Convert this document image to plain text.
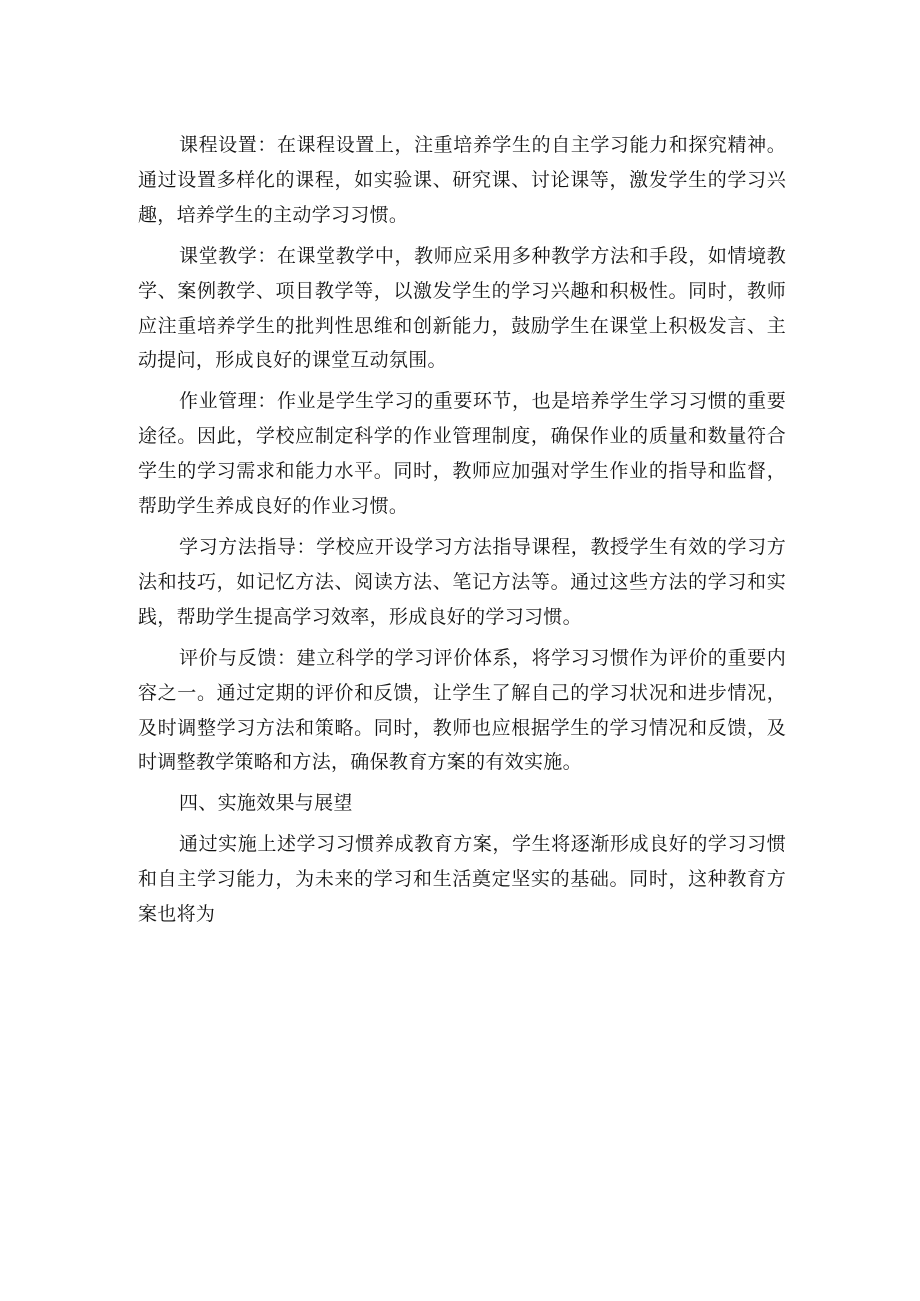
课程设置：在课程设置上，注重培养学生的自主学习能力和探究精神。通过设置多样化的课程，如实验课、研究课、讨论课等，激发学生的学习兴趣，培养学生的主动学习习惯。

课堂教学：在课堂教学中，教师应采用多种教学方法和手段，如情境教学、案例教学、项目教学等，以激发学生的学习兴趣和积极性。同时，教师应注重培养学生的批判性思维和创新能力，鼓励学生在课堂上积极发言、主动提问，形成良好的课堂互动氛围。

作业管理：作业是学生学习的重要环节，也是培养学生学习习惯的重要途径。因此，学校应制定科学的作业管理制度，确保作业的质量和数量符合学生的学习需求和能力水平。同时，教师应加强对学生作业的指导和监督，帮助学生养成良好的作业习惯。

学习方法指导：学校应开设学习方法指导课程，教授学生有效的学习方法和技巧，如记忆方法、阅读方法、笔记方法等。通过这些方法的学习和实践，帮助学生提高学习效率，形成良好的学习习惯。

评价与反馈：建立科学的学习评价体系，将学习习惯作为评价的重要内容之一。通过定期的评价和反馈，让学生了解自己的学习状况和进步情况，及时调整学习方法和策略。同时，教师也应根据学生的学习情况和反馈，及时调整教学策略和方法，确保教育方案的有效实施。

四、实施效果与展望

通过实施上述学习习惯养成教育方案，学生将逐渐形成良好的学习习惯和自主学习能力，为未来的学习和生活奠定坚实的基础。同时，这种教育方案也将为
